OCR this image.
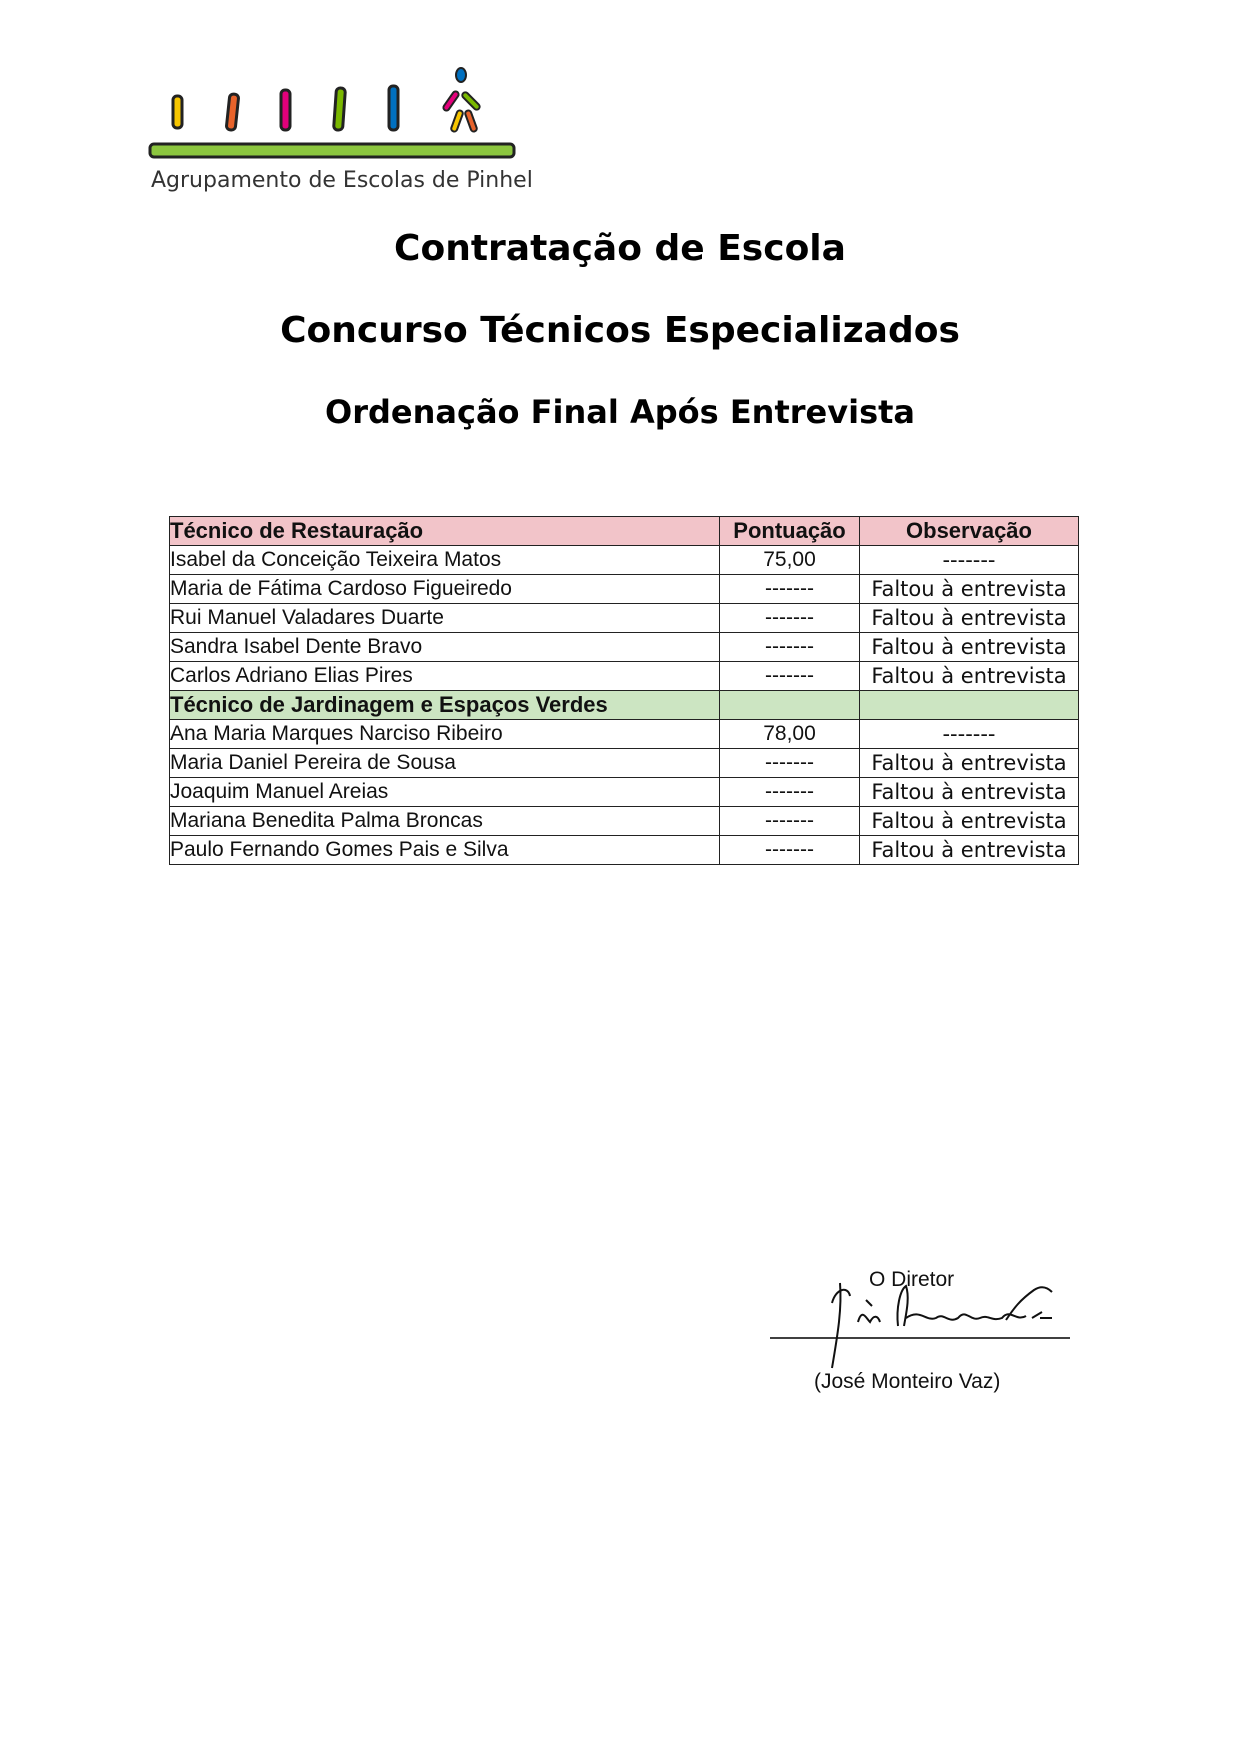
Agrupamento de Escolas de Pinhel
Contratação de Escola
Concurso Técnicos Especializados
Ordenação Final Após Entrevista
Técnico de Restauração	Pontuação	Observação
Isabel da Conceição Teixeira Matos	75,00	-------
Maria de Fátima Cardoso Figueiredo	-------	Faltou à entrevista
Rui Manuel Valadares Duarte	-------	Faltou à entrevista
Sandra Isabel Dente Bravo	-------	Faltou à entrevista
Carlos Adriano Elias Pires	-------	Faltou à entrevista
Técnico de Jardinagem e Espaços Verdes		
Ana Maria Marques Narciso Ribeiro	78,00	-------
Maria Daniel Pereira de Sousa	-------	Faltou à entrevista
Joaquim Manuel Areias	-------	Faltou à entrevista
Mariana Benedita Palma Broncas	-------	Faltou à entrevista
Paulo Fernando Gomes Pais e Silva	-------	Faltou à entrevista
O Diretor
(José Monteiro Vaz)
